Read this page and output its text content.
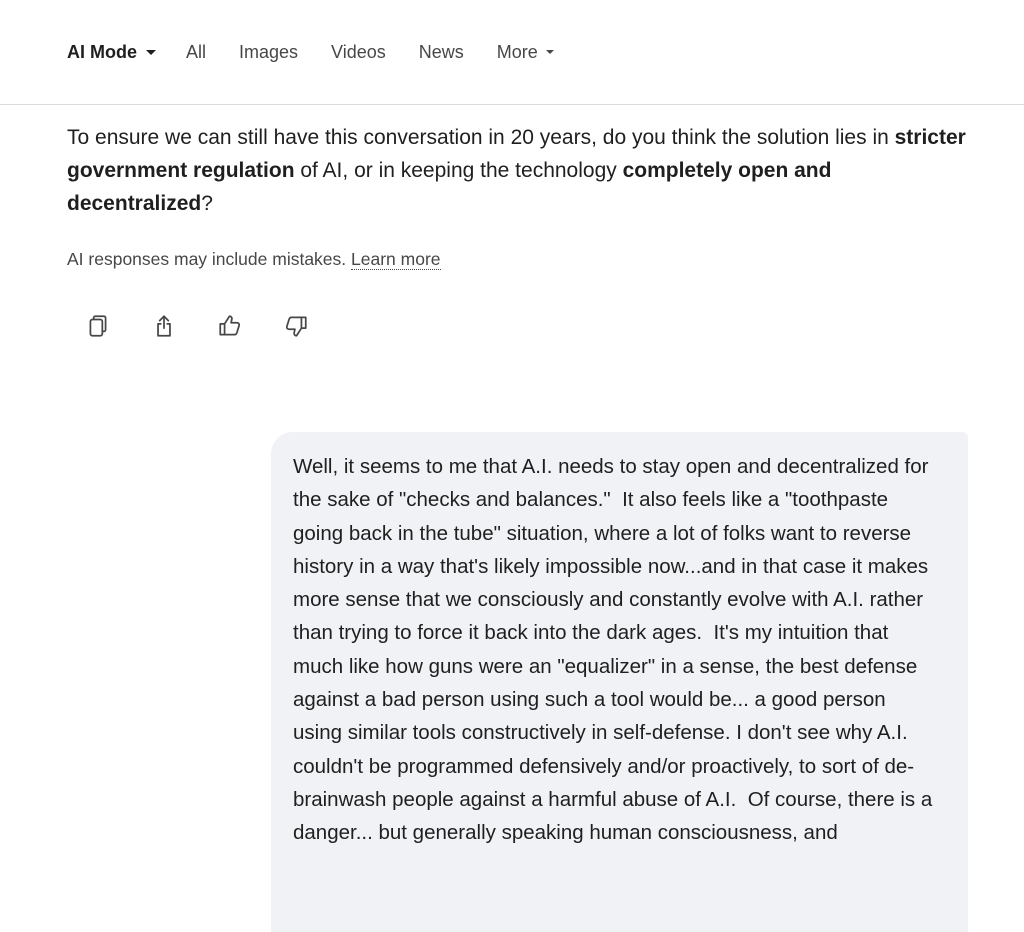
AI Mode	All Images Videos News More
To ensure we can still have this conversation in 20 years, do you think the solution lies in stricter government regulation of AI, or in keeping the technology completely open and decentralized?
AI responses may include mistakes. Learn more

Well, it seems to me that A.I. needs to stay open and decentralized for the sake of "checks and balances."  It also feels like a "toothpaste going back in the tube" situation, where a lot of folks want to reverse history in a way that's likely impossible now...and in that case it makes more sense that we consciously and constantly evolve with A.I. rather than trying to force it back into the dark ages.  It's my intuition that much like how guns were an "equalizer" in a sense, the best defense against a bad person using such a tool would be... a good person using similar tools constructively in self-defense. I don't see why A.I. couldn't be programmed defensively and/or proactively, to sort of de-brainwash people against a harmful abuse of A.I.  Of course, there is a danger... but generally speaking human consciousness, and
